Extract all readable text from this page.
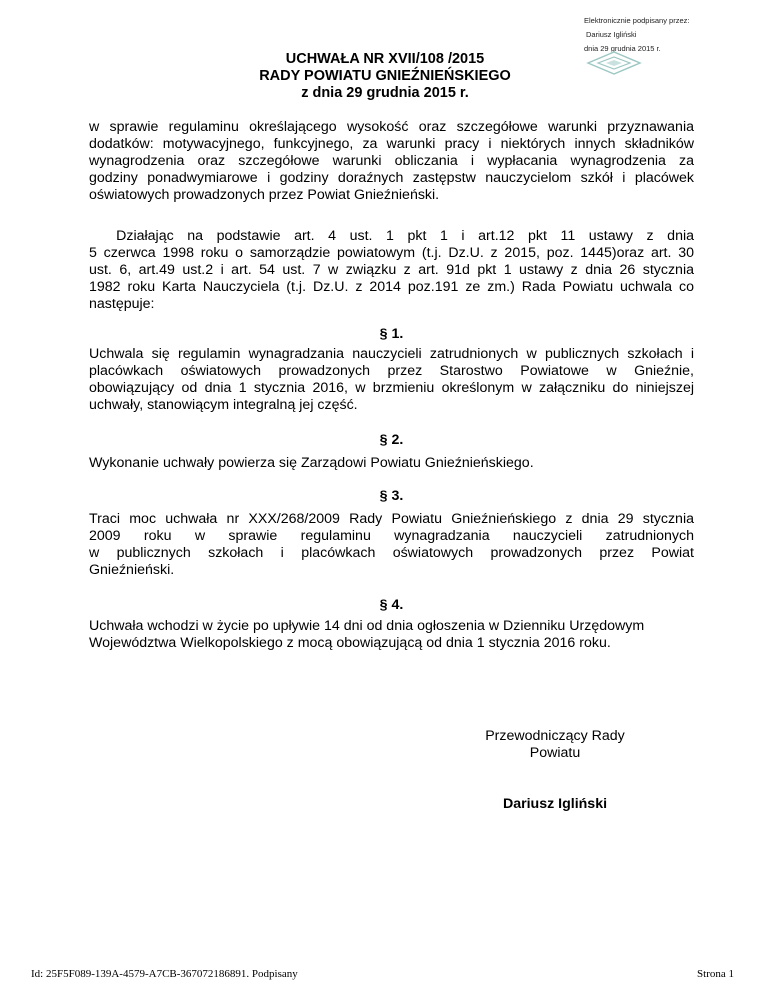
Elektronicznie podpisany przez:
Dariusz Igliński
dnia 29 grudnia 2015 r.
UCHWAŁA NR XVII/108 /2015
RADY POWIATU GNIEŹNIEŃSKIEGO
z dnia 29 grudnia 2015 r.
w sprawie regulaminu określającego wysokość oraz szczegółowe warunki przyznawania
dodatków: motywacyjnego, funkcyjnego, za warunki pracy i niektórych innych składników
wynagrodzenia oraz szczegółowe warunki obliczania i wypłacania wynagrodzenia za
godziny ponadwymiarowe i godziny doraźnych zastępstw nauczycielom szkół i placówek
oświatowych prowadzonych przez Powiat Gnieźnieński.
Działając na podstawie art. 4 ust. 1 pkt 1 i art.12 pkt 11 ustawy z dnia
5 czerwca 1998 roku o samorządzie powiatowym (t.j. Dz.U. z 2015, poz. 1445)oraz art. 30
ust. 6, art.49 ust.2 i art. 54 ust. 7 w związku z art. 91d pkt 1 ustawy z dnia 26 stycznia
1982 roku Karta Nauczyciela (t.j. Dz.U. z 2014 poz.191 ze zm.) Rada Powiatu uchwala co
następuje:
§ 1.
Uchwala się regulamin wynagradzania nauczycieli zatrudnionych w publicznych szkołach i
placówkach oświatowych prowadzonych przez Starostwo Powiatowe w Gnieźnie,
obowiązujący od dnia 1 stycznia 2016, w brzmieniu określonym w załączniku do niniejszej
uchwały, stanowiącym integralną jej część.
§ 2.
Wykonanie uchwały powierza się Zarządowi Powiatu Gnieźnieńskiego.
§ 3.
Traci moc uchwała nr XXX/268/2009 Rady Powiatu Gnieźnieńskiego z dnia 29 stycznia
2009 roku w sprawie regulaminu wynagradzania nauczycieli zatrudnionych
w publicznych szkołach i placówkach oświatowych prowadzonych przez Powiat
Gnieźnieński.
§ 4.
Uchwała wchodzi w życie po upływie 14 dni od dnia ogłoszenia w Dzienniku Urzędowym
Województwa Wielkopolskiego z mocą obowiązującą od dnia 1 stycznia 2016 roku.
Przewodniczący Rady
Powiatu
Dariusz Igliński
Id: 25F5F089-139A-4579-A7CB-367072186891. Podpisany	Strona 1
